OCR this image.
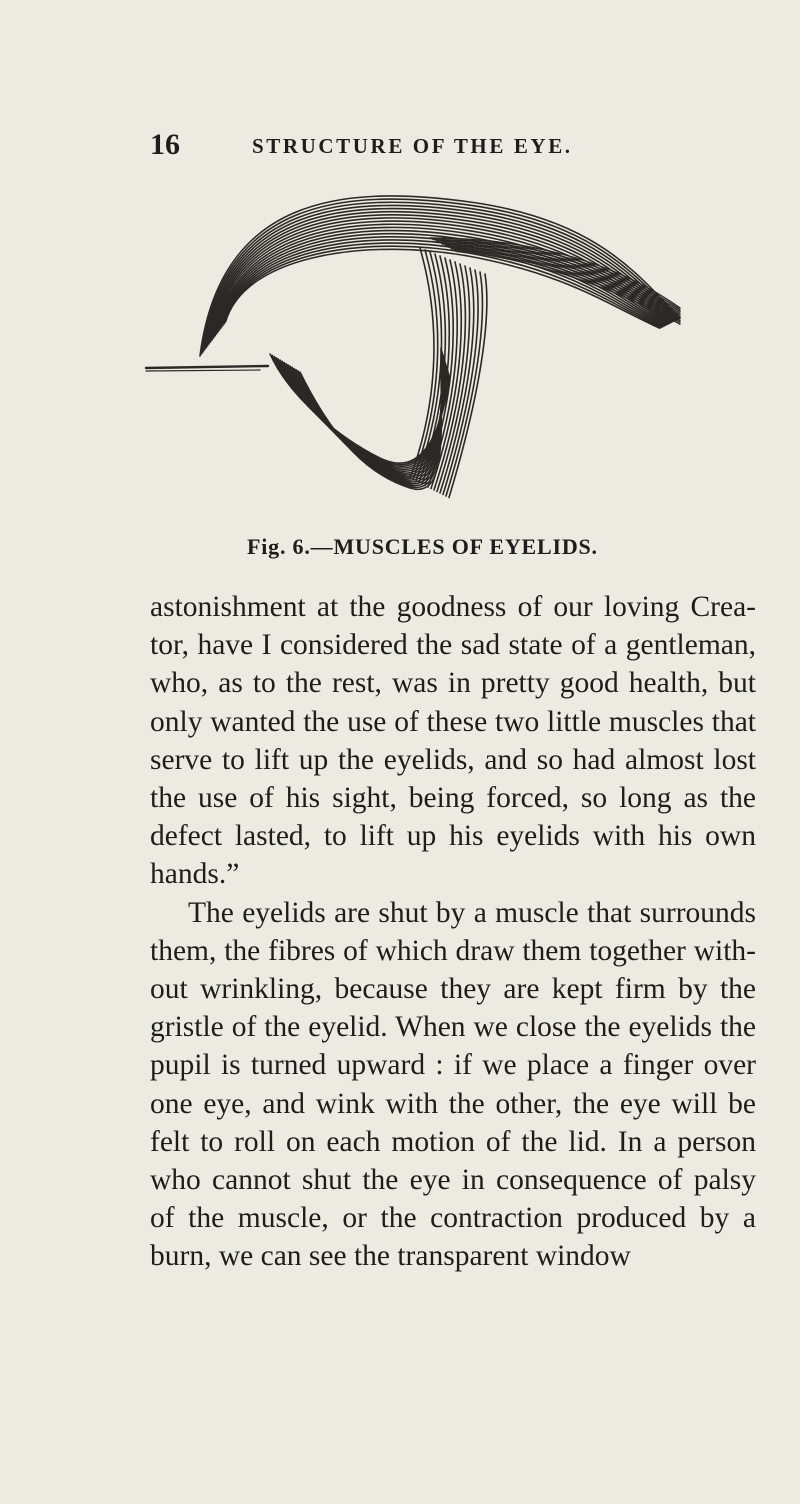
16	STRUCTURE OF THE EYE.
Fig. 6.—MUSCLES OF EYELIDS.

astonishment at the goodness of our loving Crea-tor, have I considered the sad state of a gentleman, who, as to the rest, was in pretty good health, but only wanted the use of these two little muscles that serve to lift up the eyelids, and so had almost lost the use of his sight, being forced, so long as the defect lasted, to lift up his eyelids with his own hands.”

The eyelids are shut by a muscle that surrounds them, the fibres of which draw them together with-out wrinkling, because they are kept firm by the gristle of the eyelid. When we close the eyelids the pupil is turned upward : if we place a finger over one eye, and wink with the other, the eye will be felt to roll on each motion of the lid. In a person who cannot shut the eye in consequence of palsy of the muscle, or the contraction produced by a burn, we can see the transparent window
